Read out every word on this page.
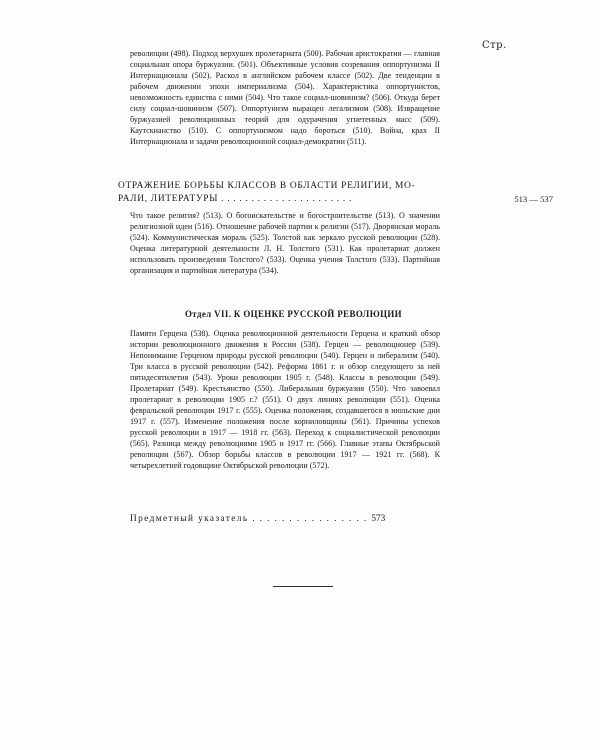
Стр.
революции (498). Подход верхушек пролетариата (500). Рабочая аристократия — главная социальная опора буржуазии. (501). Объективные условия созревания оппортунизма II Интернационала (502). Раскол в английском рабочем классе (502). Две тенденции в рабочем движении эпохи империализма (504). Характеристика оппортунистов, невозможность единства с ними (504). Что такое социал-шовинизм? (506). Откуда берет силу социал-шовинизм (507). Оппортунизм выращен легализмом (508). Извращение буржуазией революционных теорий для одурачения угнетенных масс (509). Каутскианство (510). С оппортунизмом надо бороться (510). Война, крах II Интернационала и задачи революционной социал-демократии (511).
ОТРАЖЕНИЕ БОРЬБЫ КЛАССОВ В ОБЛАСТИ РЕЛИГИИ, МО-
РАЛИ, ЛИТЕРАТУРЫ . . . . . . . . . . . . . . . . . . . . . .	513 — 537
Что такое религия? (513). О богоискательстве и богостроительстве (513). О значении религиозной идеи (516). Отношение рабочей партии к религии (517). Дворянская мораль (524). Коммунистическая мораль (525). Толстой как зеркало русской революции (528). Оценка литературной деятельности Л. Н. Толстого (531). Как пролетариат должен использовать произведения Толстого? (533). Оценка учения Толстого (533). Партийная организация и партийная литература (534).
Отдел VII. К ОЦЕНКЕ РУССКОЙ РЕВОЛЮЦИИ
Памяти Герцена (538). Оценка революционной деятельности Герцена и краткий обзор истории революционного движения в России (538). Герцен — революционер (539). Непонимание Герценом природы русской революции (540). Герцен и либерализм (540). Три класса в русской революции (542). Реформа 1861 г. и обзор следующего за ней пятидесятилетия (543). Уроки революции 1905 г. (548). Классы в революции (549). Пролетариат (549). Крестьянство (550). Либеральная буржуазия (550). Что завоевал пролетариат в революции 1905 г.? (551). О двух линиях революции (551). Оценка февральской революции 1917 г. (555). Оценка положения, создавшегося в июльские дни 1917 г. (557). Изменение положения после корниловщины (561). Причины успехов русской революции в 1917 — 1918 гг. (563). Переход к социалистической революции (565). Разница между революциями 1905 и 1917 гг. (566). Главные этапы Октябрьской революции (567). Обзор борьбы классов в революции 1917 — 1921 гг. (568). К четырехлетней годовщине Октябрьской революции (572).
Предметный указатель . . . . . . . . . . . . . . . . 573
